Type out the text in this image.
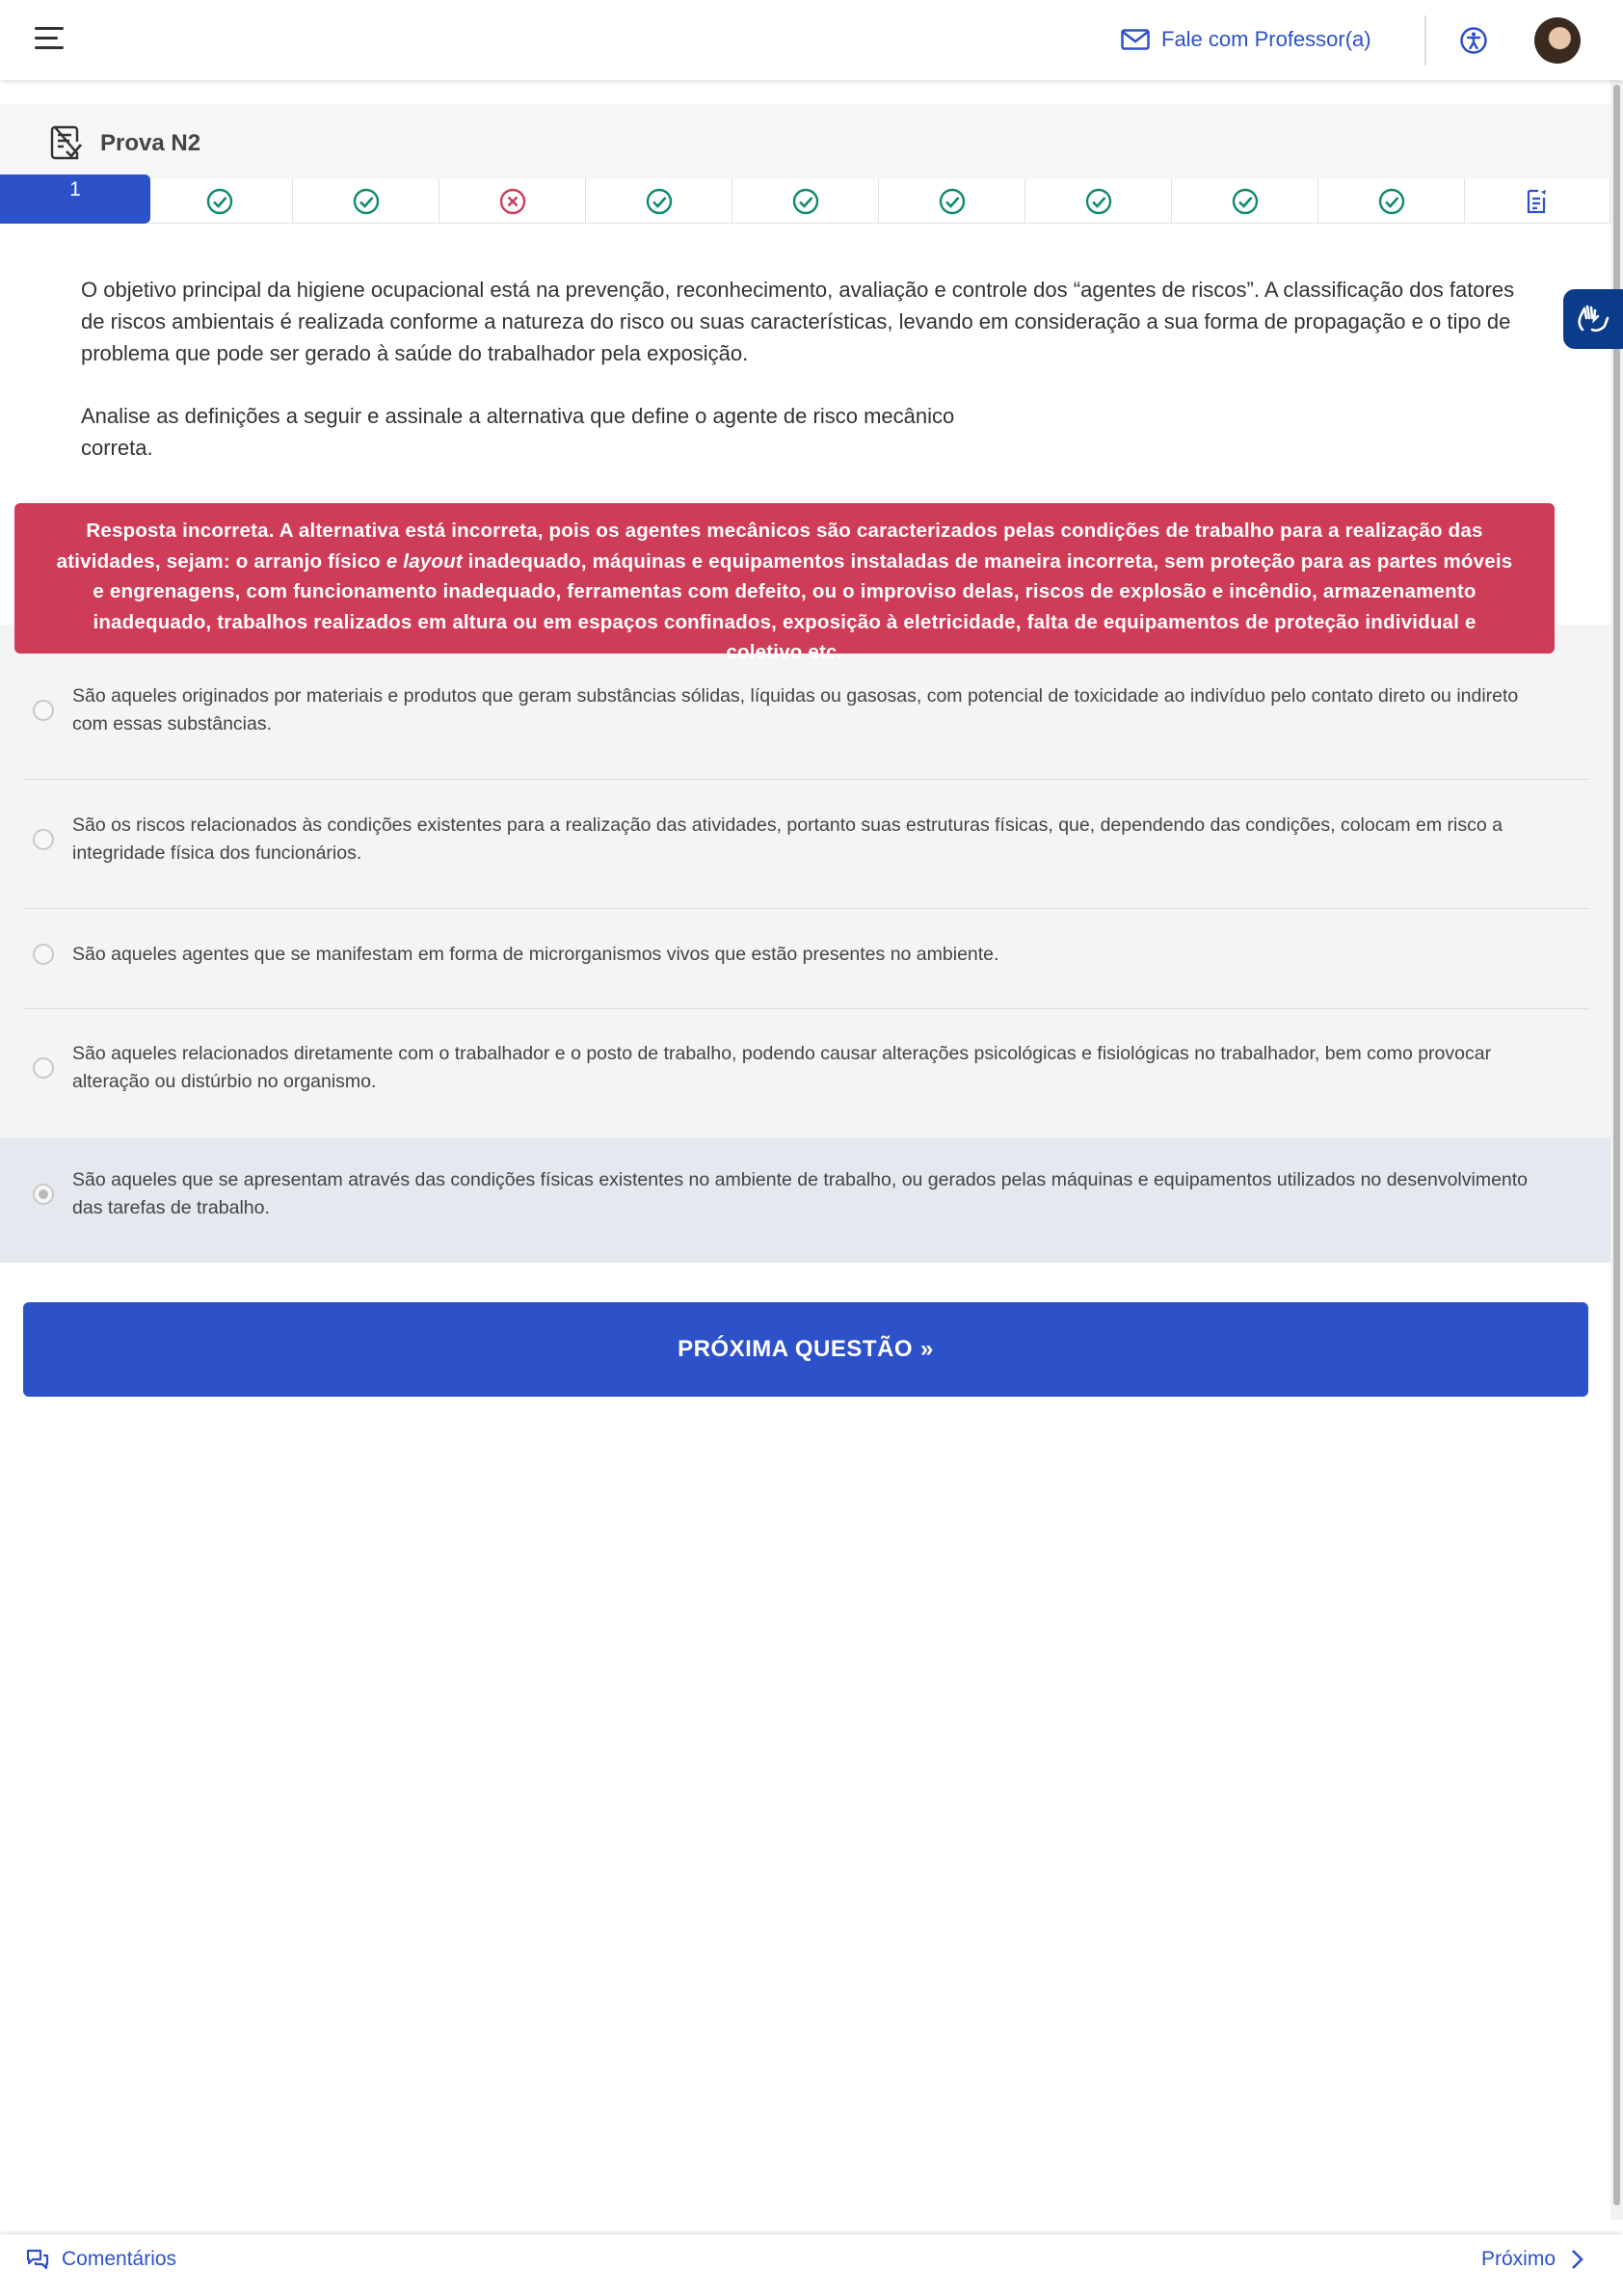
Fale com Professor(a)
Prova N2
1

O objetivo principal da higiene ocupacional está na prevenção, reconhecimento, avaliação e controle dos “agentes de riscos”. A classificação dos fatores de riscos ambientais é realizada conforme a natureza do risco ou suas características, levando em consideração a sua forma de propagação e o tipo de problema que pode ser gerado à saúde do trabalhador pela exposição.

Analise as definições a seguir e assinale a alternativa que define o agente de risco mecânico
correta.
São aqueles originados por materiais e produtos que geram substâncias sólidas, líquidas ou gasosas, com potencial de toxicidade ao indivíduo pelo contato direto ou indireto com essas substâncias.
São os riscos relacionados às condições existentes para a realização das atividades, portanto suas estruturas físicas, que, dependendo das condições, colocam em risco a integridade física dos funcionários.
São aqueles agentes que se manifestam em forma de microrganismos vivos que estão presentes no ambiente.
São aqueles relacionados diretamente com o trabalhador e o posto de trabalho, podendo causar alterações psicológicas e fisiológicas no trabalhador, bem como provocar alteração ou distúrbio no organismo.
São aqueles que se apresentam através das condições físicas existentes no ambiente de trabalho, ou gerados pelas máquinas e equipamentos utilizados no desenvolvimento das tarefas de trabalho.
Resposta incorreta. A alternativa está incorreta, pois os agentes mecânicos são caracterizados pelas condições de trabalho para a realização das atividades, sejam: o arranjo físico e layout inadequado, máquinas e equipamentos instaladas de maneira incorreta, sem proteção para as partes móveis e engrenagens, com funcionamento inadequado, ferramentas com defeito, ou o improviso delas, riscos de explosão e incêndio, armazenamento inadequado, trabalhos realizados em altura ou em espaços confinados, exposição à eletricidade, falta de equipamentos de proteção individual e coletivo etc.
PRÓXIMA QUESTÃO »
Comentários	Próximo
